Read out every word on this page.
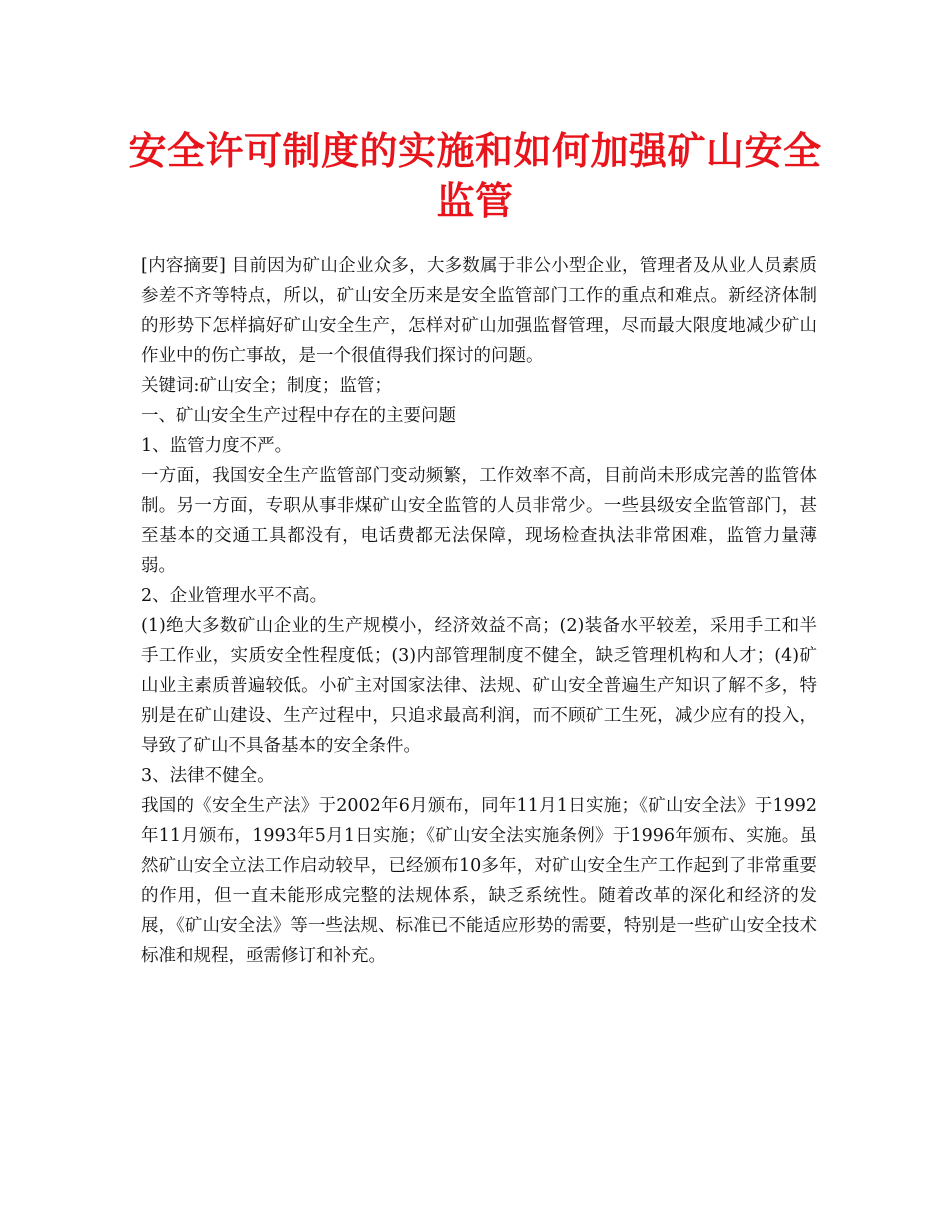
安全许可制度的实施和如何加强矿山安全监管

[内容摘要] 目前因为矿山企业众多，大多数属于非公小型企业，管理者及从业人员素质参差不齐等特点，所以，矿山安全历来是安全监管部门工作的重点和难点。新经济体制的形势下怎样搞好矿山安全生产，怎样对矿山加强监督管理，尽而最大限度地减少矿山作业中的伤亡事故，是一个很值得我们探讨的问题。

关键词:矿山安全；制度；监管；

一、矿山安全生产过程中存在的主要问题

1、监管力度不严。

一方面，我国安全生产监管部门变动频繁，工作效率不高，目前尚未形成完善的监管体制。另一方面，专职从事非煤矿山安全监管的人员非常少。一些县级安全监管部门，甚至基本的交通工具都没有，电话费都无法保障，现场检查执法非常困难，监管力量薄弱。

2、企业管理水平不高。

(1)绝大多数矿山企业的生产规模小，经济效益不高；(2)装备水平较差，采用手工和半手工作业，实质安全性程度低；(3)内部管理制度不健全，缺乏管理机构和人才；(4)矿山业主素质普遍较低。小矿主对国家法律、法规、矿山安全普遍生产知识了解不多，特别是在矿山建设、生产过程中，只追求最高利润，而不顾矿工生死，减少应有的投入，导致了矿山不具备基本的安全条件。

3、法律不健全。

我国的《安全生产法》于2002年6月颁布，同年11月1日实施；《矿山安全法》于1992年11月颁布，1993年5月1日实施；《矿山安全法实施条例》于1996年颁布、实施。虽然矿山安全立法工作启动较早，已经颁布10多年，对矿山安全生产工作起到了非常重要的作用，但一直未能形成完整的法规体系，缺乏系统性。随着改革的深化和经济的发展，《矿山安全法》等一些法规、标准已不能适应形势的需要，特别是一些矿山安全技术标准和规程，亟需修订和补充。
